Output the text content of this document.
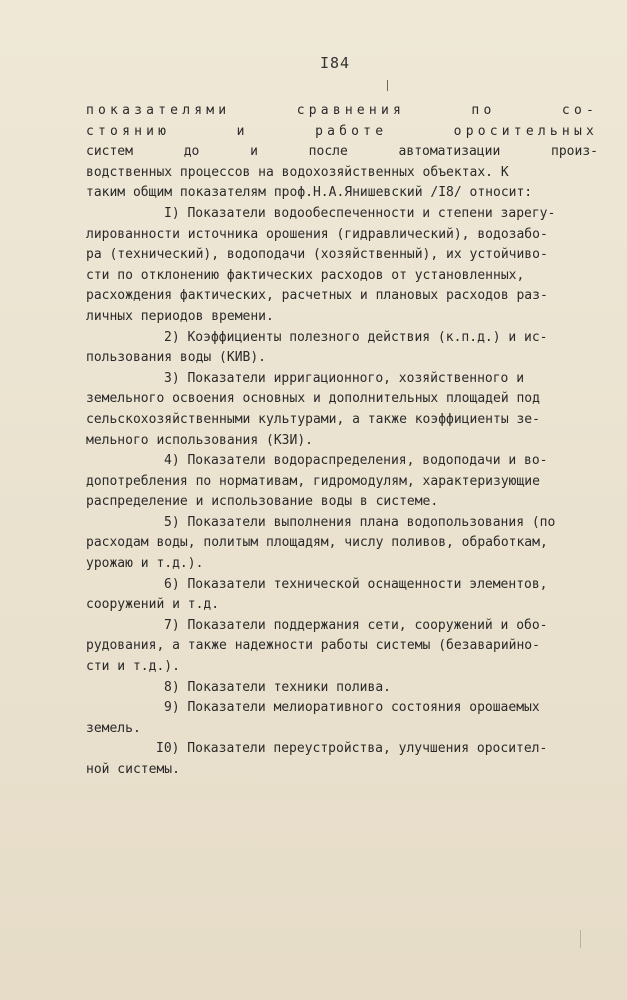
I84
показателями сравнения по со-
стоянию и работе оросительных
систем до и после автоматизации произ-
водственных процессов на водохозяйственных объектах. К
таким общим показателям проф.Н.А.Янишевский /I8/ относит:
I) Показатели водообеспеченности и степени зарегу-
лированности источника орошения (гидравлический), водозабо-
ра (технический), водоподачи (хозяйственный), их устойчиво-
сти по отклонению фактических расходов от установленных,
расхождения фактических, расчетных и плановых расходов раз-
личных периодов времени.
2) Коэффициенты полезного действия (к.п.д.) и ис-
пользования воды (КИВ).
3) Показатели ирригационного, хозяйственного и
земельного освоения основных и дополнительных площадей под
сельскохозяйственными культурами, а также коэффициенты зе-
мельного использования (КЗИ).
4) Показатели водораспределения, водоподачи и во-
допотребления по нормативам, гидромодулям, характеризующие
распределение и использование воды в системе.
5) Показатели выполнения плана водопользования (по
расходам воды, политым площадям, числу поливов, обработкам,
урожаю и т.д.).
6) Показатели технической оснащенности элементов,
сооружений и т.д.
7) Показатели поддержания сети, сооружений и обо-
рудования, а также надежности работы системы (безаварийно-
сти и т.д.).
8) Показатели техники полива.
9) Показатели мелиоративного состояния орошаемых
земель.
I0) Показатели переустройства, улучшения оросител-
ной системы.
